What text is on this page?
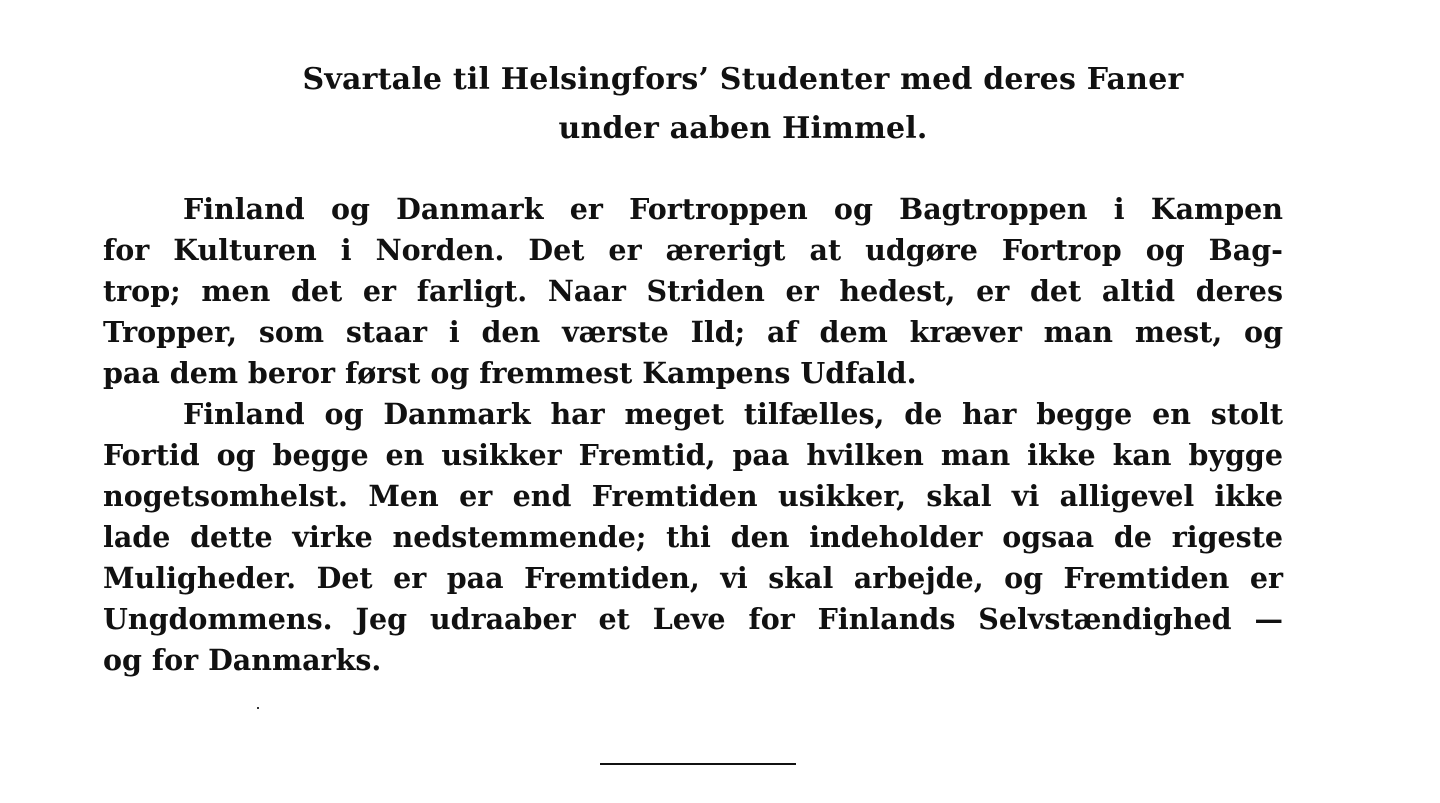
Svartale til Helsingfors’ Studenter med deres Faner
under aaben Himmel.
Finland og Danmark er Fortroppen og Bagtroppen i Kampen
for Kulturen i Norden. Det er ærerigt at udgøre Fortrop og Bag-
trop; men det er farligt. Naar Striden er hedest, er det altid deres
Tropper, som staar i den værste Ild; af dem kræver man mest, og
paa dem beror først og fremmest Kampens Udfald.
Finland og Danmark har meget tilfælles, de har begge en stolt
Fortid og begge en usikker Fremtid, paa hvilken man ikke kan bygge
nogetsomhelst. Men er end Fremtiden usikker, skal vi alligevel ikke
lade dette virke nedstemmende; thi den indeholder ogsaa de rigeste
Muligheder. Det er paa Fremtiden, vi skal arbejde, og Fremtiden er
Ungdommens. Jeg udraaber et Leve for Finlands Selvstændighed —
og for Danmarks.
